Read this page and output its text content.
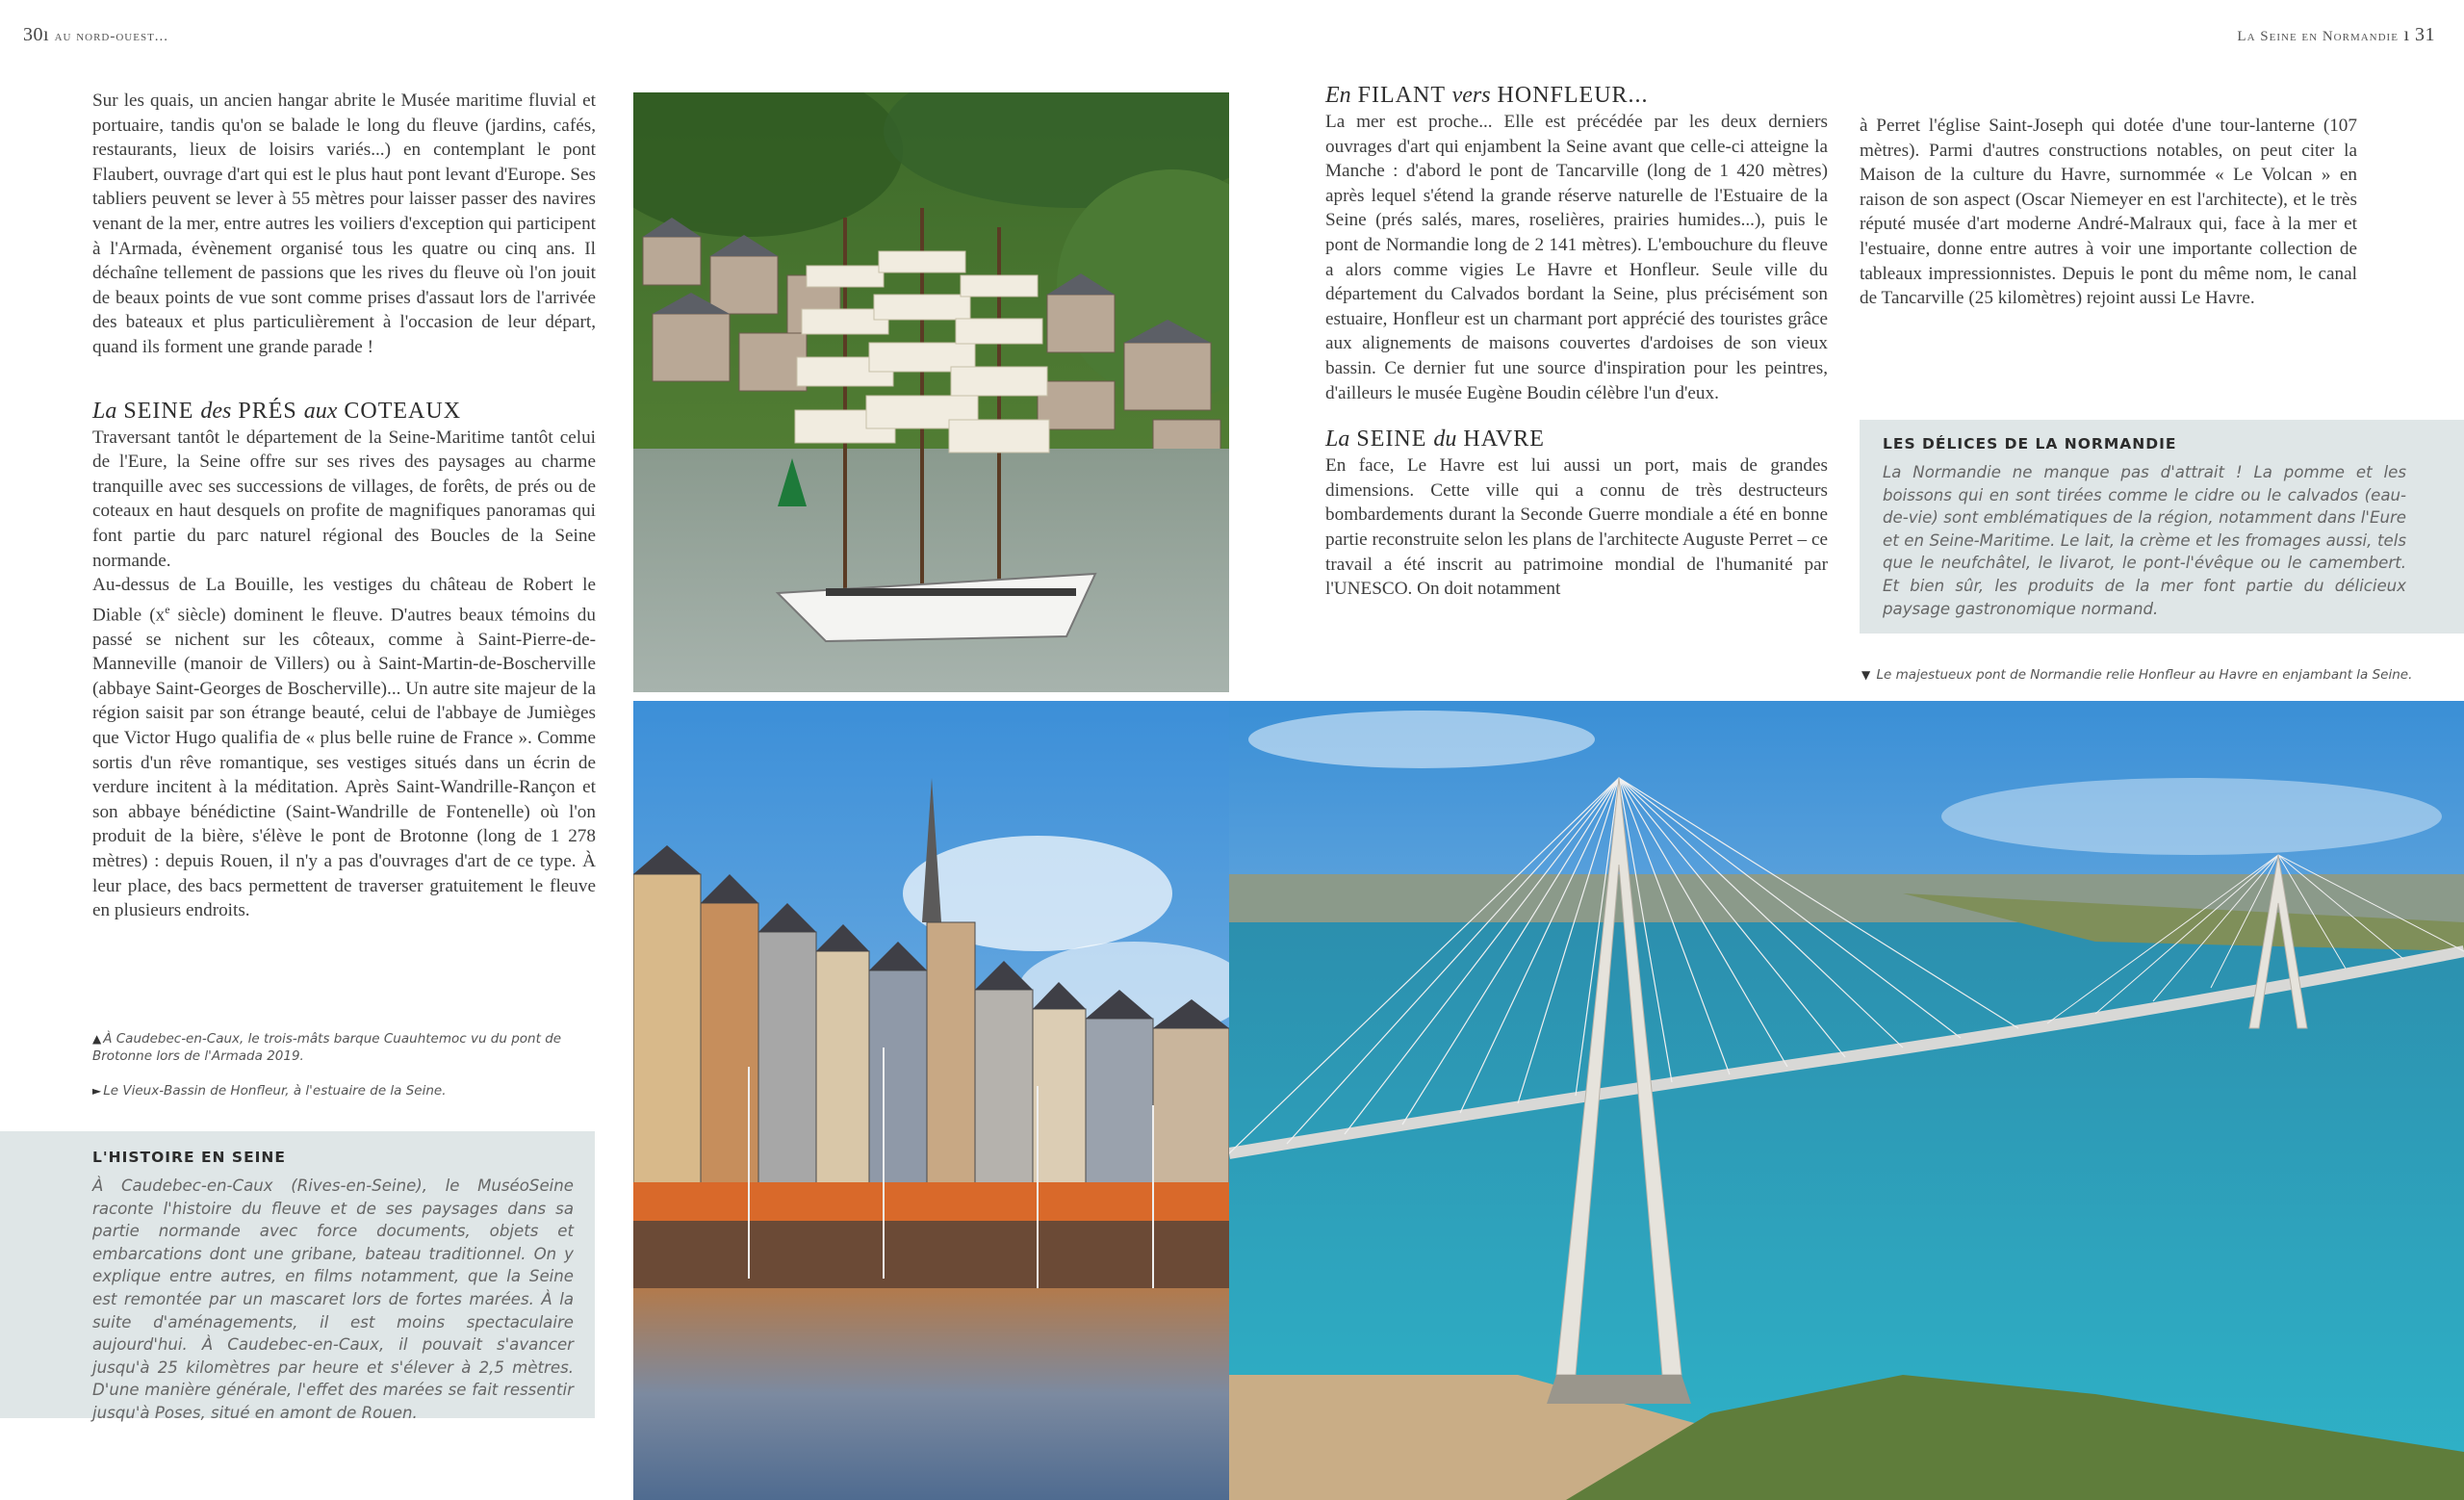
30ı au nord-ouest...	La Seine en Normandie ı 31

Sur les quais, un ancien hangar abrite le Musée maritime fluvial et portuaire, tandis qu'on se balade le long du fleuve (jardins, cafés, restaurants, lieux de loisirs variés...) en contemplant le pont Flaubert, ouvrage d'art qui est le plus haut pont levant d'Europe. Ses tabliers peuvent se lever à 55 mètres pour laisser passer des navires venant de la mer, entre autres les voiliers d'exception qui participent à l'Armada, évènement organisé tous les quatre ou cinq ans. Il déchaîne tellement de passions que les rives du fleuve où l'on jouit de beaux points de vue sont comme prises d'assaut lors de l'arrivée des bateaux et plus particulièrement à l'occasion de leur départ, quand ils forment une grande parade !

La SEINE des PRÉS aux COTEAUX

Traversant tantôt le département de la Seine-Maritime tantôt celui de l'Eure, la Seine offre sur ses rives des paysages au charme tranquille avec ses successions de villages, de forêts, de prés ou de coteaux en haut desquels on profite de magnifiques panoramas qui font partie du parc naturel régional des Boucles de la Seine normande.

Au-dessus de La Bouille, les vestiges du château de Robert le Diable ($x^e$ siècle) dominent le fleuve. D'autres beaux témoins du passé se nichent sur les côteaux, comme à Saint-Pierre-de-Manneville (manoir de Villers) ou à Saint-Martin-de-Boscherville (abbaye Saint-Georges de Boscherville)... Un autre site majeur de la région saisit par son étrange beauté, celui de l'abbaye de Jumièges que Victor Hugo qualifia de « plus belle ruine de France ». Comme sortis d'un rêve romantique, ses vestiges situés dans un écrin de verdure incitent à la méditation. Après Saint-Wandrille-Rançon et son abbaye bénédictine (Saint-Wandrille de Fontenelle) où l'on produit de la bière, s'élève le pont de Brotonne (long de 1 278 mètres) : depuis Rouen, il n'y a pas d'ouvrages d'art de ce type. À leur place, des bacs permettent de traverser gratuitement le fleuve en plusieurs endroits.

▲ À Caudebec-en-Caux, le trois-mâts barque Cuauhtemoc vu du pont de Brotonne lors de l'Armada 2019.
► Le Vieux-Bassin de Honfleur, à l'estuaire de la Seine.

L'HISTOIRE EN SEINE

À Caudebec-en-Caux (Rives-en-Seine), le MuséoSeine raconte l'histoire du fleuve et de ses paysages dans sa partie normande avec force documents, objets et embarcations dont une gribane, bateau traditionnel. On y explique entre autres, en films notamment, que la Seine est remontée par un mascaret lors de fortes marées. À la suite d'aménagements, il est moins spectaculaire aujourd'hui. À Caudebec-en-Caux, il pouvait s'avancer jusqu'à 25 kilomètres par heure et s'élever à 2,5 mètres. D'une manière générale, l'effet des marées se fait ressentir jusqu'à Poses, situé en amont de Rouen.

En FILANT vers HONFLEUR...

La mer est proche... Elle est précédée par les deux derniers ouvrages d'art qui enjambent la Seine avant que celle-ci atteigne la Manche : d'abord le pont de Tancarville (long de 1 420 mètres) après lequel s'étend la grande réserve naturelle de l'Estuaire de la Seine (prés salés, mares, roselières, prairies humides...), puis le pont de Normandie long de 2 141 mètres). L'embouchure du fleuve a alors comme vigies Le Havre et Honfleur. Seule ville du département du Calvados bordant la Seine, plus précisément son estuaire, Honfleur est un charmant port apprécié des touristes grâce aux alignements de maisons couvertes d'ardoises de son vieux bassin. Ce dernier fut une source d'inspiration pour les peintres, d'ailleurs le musée Eugène Boudin célèbre l'un d'eux.

La SEINE du HAVRE

En face, Le Havre est lui aussi un port, mais de grandes dimensions. Cette ville qui a connu de très destructeurs bombardements durant la Seconde Guerre mondiale a été en bonne partie reconstruite selon les plans de l'architecte Auguste Perret – ce travail a été inscrit au patrimoine mondial de l'humanité par l'UNESCO. On doit notamment

à Perret l'église Saint-Joseph qui dotée d'une tour-lanterne (107 mètres). Parmi d'autres constructions notables, on peut citer la Maison de la culture du Havre, surnommée « Le Volcan » en raison de son aspect (Oscar Niemeyer en est l'architecte), et le très réputé musée d'art moderne André-Malraux qui, face à la mer et l'estuaire, donne entre autres à voir une importante collection de tableaux impressionnistes. Depuis le pont du même nom, le canal de Tancarville (25 kilomètres) rejoint aussi Le Havre.

LES DÉLICES DE LA NORMANDIE

La Normandie ne manque pas d'attrait ! La pomme et les boissons qui en sont tirées comme le cidre ou le calvados (eau-de-vie) sont emblématiques de la région, notamment dans l'Eure et en Seine-Maritime. Le lait, la crème et les fromages aussi, tels que le neufchâtel, le livarot, le pont-l'évêque ou le camembert. Et bien sûr, les produits de la mer font partie du délicieux paysage gastronomique normand.

▼ Le majestueux pont de Normandie relie Honfleur au Havre en enjambant la Seine.
